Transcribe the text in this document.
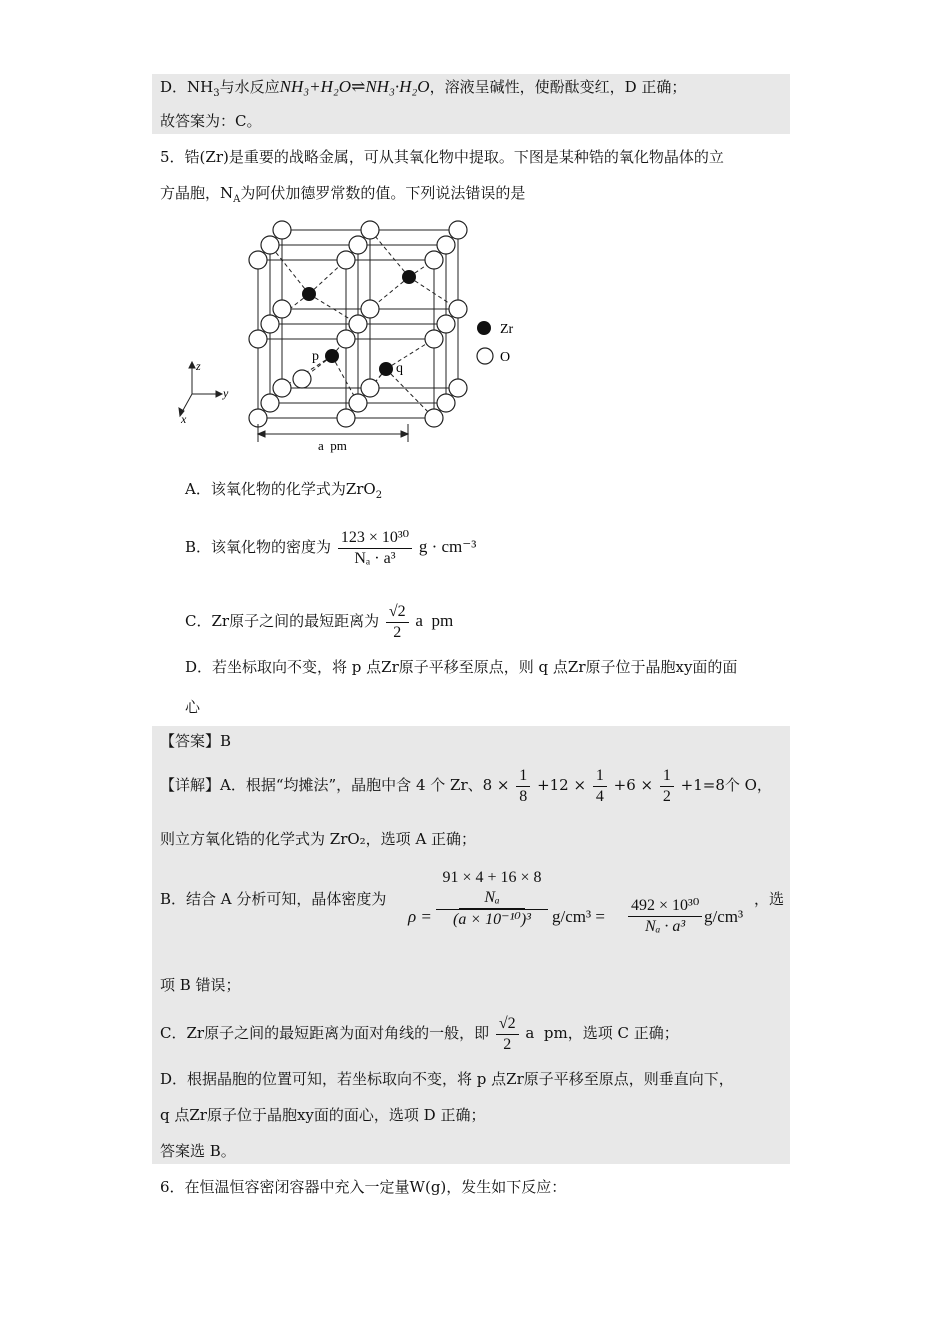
D．$NH_3$与水反应NH₃+H₂O⇌NH₃·H₂O，溶液呈碱性，使酚酞变红，D 正确；
故答案为：C。
5．锆(Zr)是重要的战略金属，可从其氧化物中提取。下图是某种锆的氧化物晶体的立
方晶胞，$N_A$为阿伏加德罗常数的值。下列说法错误的是
p
q
Zr
O
z
y
x
a  pm
A．该氧化物的化学式为ZrO$_2$
B．该氧化物的密度为 $\frac{\text{123 × 10³⁰}}{\text{Nₐ · a³}}$ g · cm⁻³
C．Zr原子之间的最短距离为 $\frac{√2}{2}$ a  pm
D．若坐标取向不变，将 p 点Zr原子平移至原点，则 q 点Zr原子位于晶胞xy面的面
心
【答案】B
【详解】A．根据“均摊法”，晶胞中含 4 个 Zr、$8 \times \frac{1}{8} +12 \times \frac{1}{4} +6 \times \frac{1}{2} +1=8$个 O，
则立方氧化锆的化学式为 ZrO₂，选项 A 正确；
B．结合 A 分析可知，晶体密度为
ρ =
91 × 4 + 16 × 8
Nₐ
(a × 10⁻¹⁰)³	$g/cm^3 = \frac{\text{492 × 10³⁰}}{\text{Nₐ · a³}} g/cm^3$
，选
项 B 错误；
C．Zr原子之间的最短距离为面对角线的一般，即 $\frac{√2}{2}$ a  pm，选项 C 正确；
D．根据晶胞的位置可知，若坐标取向不变，将 p 点Zr原子平移至原点，则垂直向下，
q 点Zr原子位于晶胞xy面的面心，选项 D 正确；
答案选 B。
6．在恒温恒容密闭容器中充入一定量W(g)，发生如下反应：
